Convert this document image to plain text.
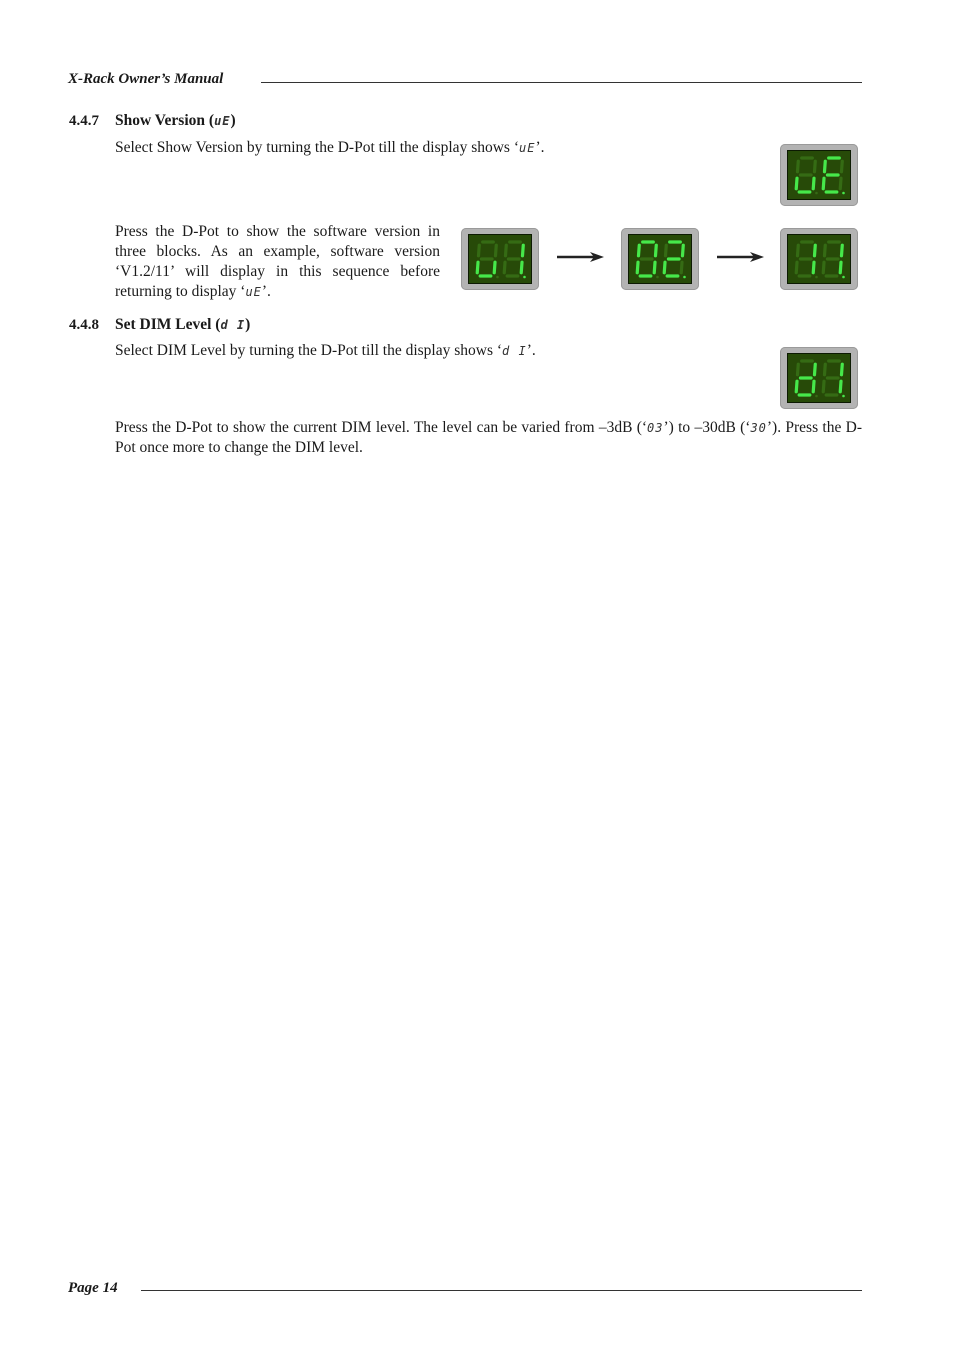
X-Rack Owner’s Manual
4.4.7 Show Version (uE)
Select Show Version by turning the D-Pot till the display shows ‘uE’.
Press the D-Pot to show the software version in three blocks. As an example, software version ‘V1.2/11’ will display in this sequence before returning to display ‘uE’.
4.4.8 Set DIM Level (d I)
Select DIM Level by turning the D-Pot till the display shows ‘d I’.
Press the D-Pot to show the current DIM level. The level can be varied from –3dB (‘03’) to –30dB (‘30’). Press the D-Pot once more to change the DIM level.
Page 14
